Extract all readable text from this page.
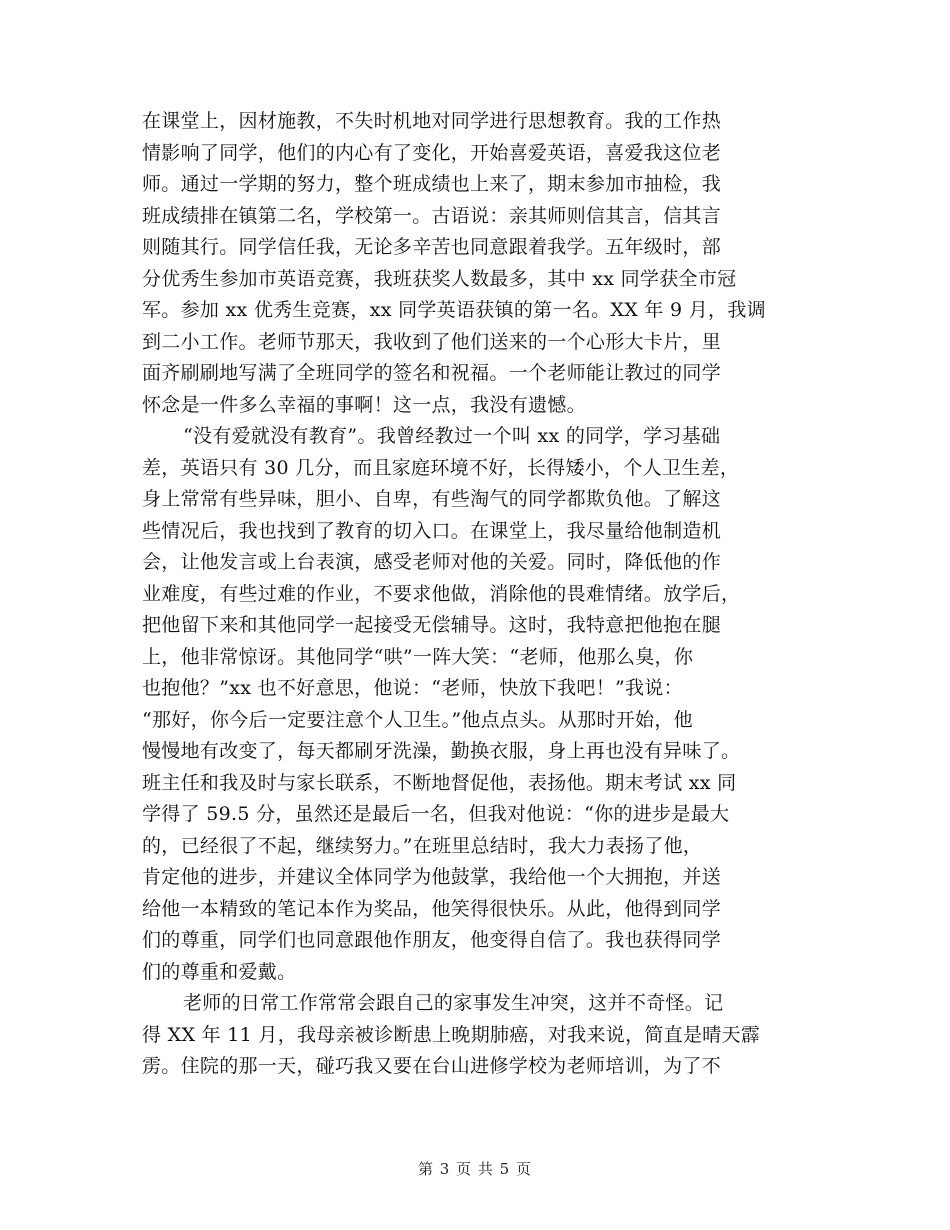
在课堂上，因材施教，不失时机地对同学进行思想教育。我的工作热
情影响了同学，他们的内心有了变化，开始喜爱英语，喜爱我这位老
师。通过一学期的努力，整个班成绩也上来了，期末参加市抽检，我
班成绩排在镇第二名，学校第一。古语说：亲其师则信其言，信其言
则随其行。同学信任我，无论多辛苦也同意跟着我学。五年级时，部
分优秀生参加市英语竞赛，我班获奖人数最多，其中 xx 同学获全市冠
军。参加 xx 优秀生竞赛，xx 同学英语获镇的第一名。XX 年 9 月，我调
到二小工作。老师节那天，我收到了他们送来的一个心形大卡片，里
面齐刷刷地写满了全班同学的签名和祝福。一个老师能让教过的同学
怀念是一件多么幸福的事啊！这一点，我没有遗憾。
“没有爱就没有教育”。我曾经教过一个叫 xx 的同学，学习基础
差，英语只有 30 几分，而且家庭环境不好，长得矮小，个人卫生差，
身上常常有些异味，胆小、自卑，有些淘气的同学都欺负他。了解这
些情况后，我也找到了教育的切入口。在课堂上，我尽量给他制造机
会，让他发言或上台表演，感受老师对他的关爱。同时，降低他的作
业难度，有些过难的作业，不要求他做，消除他的畏难情绪。放学后，
把他留下来和其他同学一起接受无偿辅导。这时，我特意把他抱在腿
上，他非常惊讶。其他同学“哄”一阵大笑：“老师，他那么臭，你
也抱他？”xx 也不好意思，他说：“老师，快放下我吧！”我说：
“那好，你今后一定要注意个人卫生。”他点点头。从那时开始，他
慢慢地有改变了，每天都刷牙洗澡，勤换衣服，身上再也没有异味了。
班主任和我及时与家长联系，不断地督促他，表扬他。期末考试 xx 同
学得了 59.5 分，虽然还是最后一名，但我对他说：“你的进步是最大
的，已经很了不起，继续努力。”在班里总结时，我大力表扬了他，
肯定他的进步，并建议全体同学为他鼓掌，我给他一个大拥抱，并送
给他一本精致的笔记本作为奖品，他笑得很快乐。从此，他得到同学
们的尊重，同学们也同意跟他作朋友，他变得自信了。我也获得同学
们的尊重和爱戴。
老师的日常工作常常会跟自己的家事发生冲突，这并不奇怪。记
得 XX 年 11 月，我母亲被诊断患上晚期肺癌，对我来说，简直是晴天霹
雳。住院的那一天，碰巧我又要在台山进修学校为老师培训，为了不
第 3 页 共 5 页
